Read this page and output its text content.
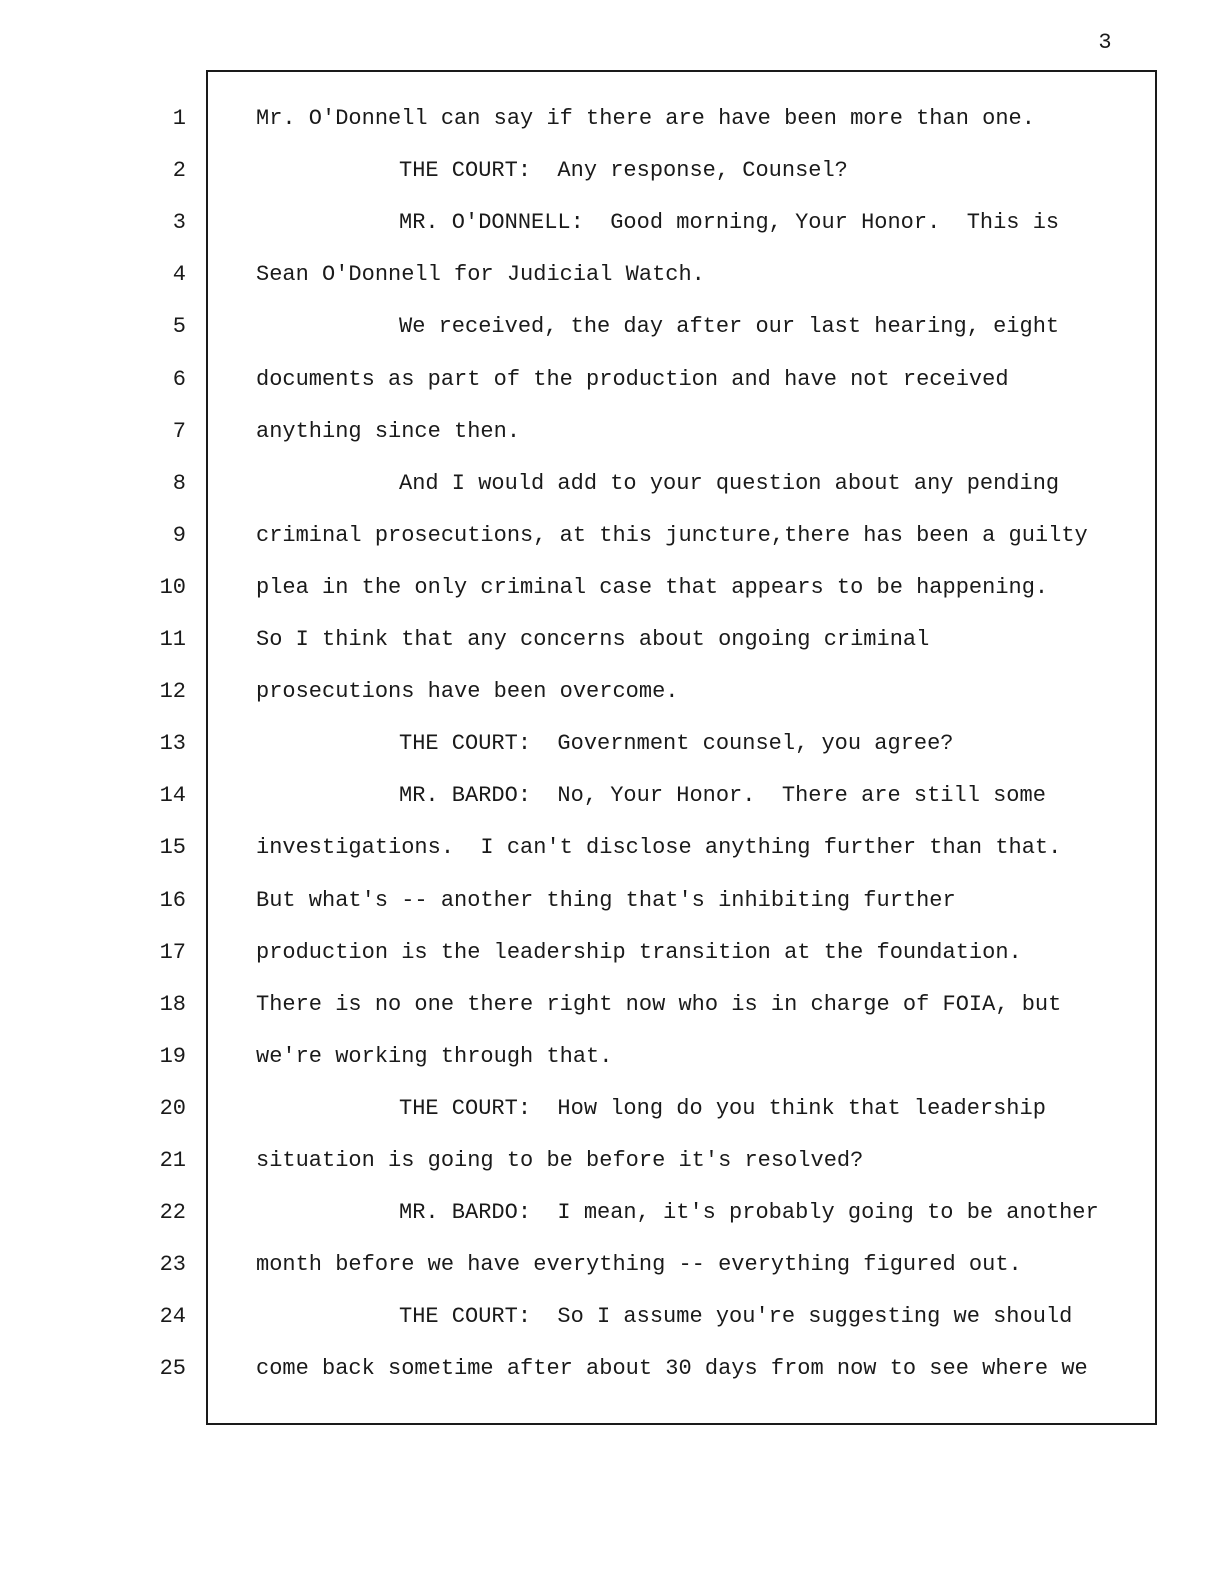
3
1
2
3
4
5
6
7
8
9
10
11
12
13
14
15
16
17
18
19
20
21
22
23
24
25
Mr. O'Donnell can say if there are have been more than one.
THE COURT:  Any response, Counsel?
MR. O'DONNELL:  Good morning, Your Honor.  This is
Sean O'Donnell for Judicial Watch.
We received, the day after our last hearing, eight
documents as part of the production and have not received
anything since then.
And I would add to your question about any pending
criminal prosecutions, at this juncture,there has been a guilty
plea in the only criminal case that appears to be happening.
So I think that any concerns about ongoing criminal
prosecutions have been overcome.
THE COURT:  Government counsel, you agree?
MR. BARDO:  No, Your Honor.  There are still some
investigations.  I can't disclose anything further than that.
But what's -- another thing that's inhibiting further
production is the leadership transition at the foundation.
There is no one there right now who is in charge of FOIA, but
we're working through that.
THE COURT:  How long do you think that leadership
situation is going to be before it's resolved?
MR. BARDO:  I mean, it's probably going to be another
month before we have everything -- everything figured out.
THE COURT:  So I assume you're suggesting we should
come back sometime after about 30 days from now to see where we
